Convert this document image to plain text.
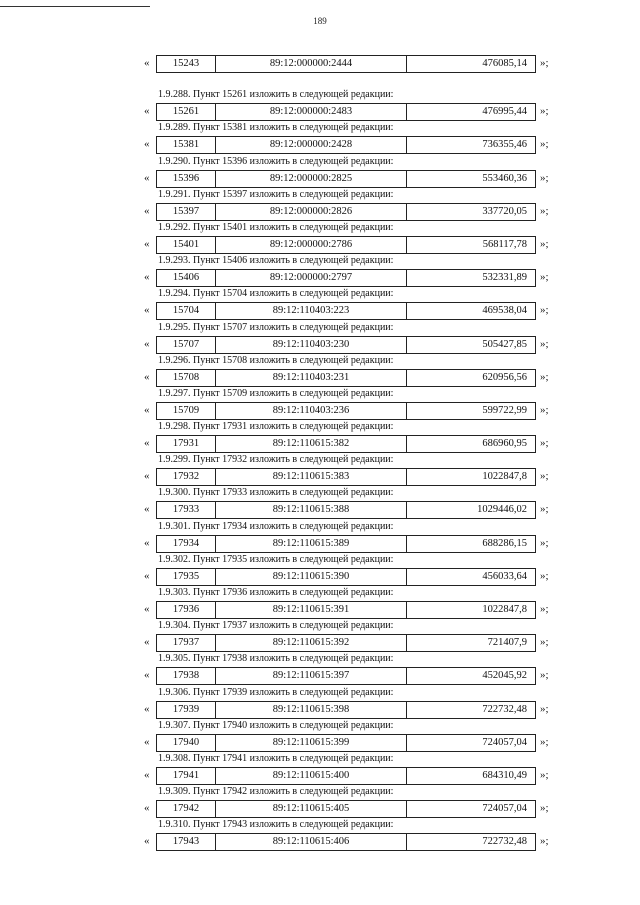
189
«	15243	89:12:000000:2444	476085,14	»;
1.9.288. Пункт 15261 изложить в следующей редакции:
«	15261	89:12:000000:2483	476995,44	»;
1.9.289. Пункт 15381 изложить в следующей редакции:
«	15381	89:12:000000:2428	736355,46	»;
1.9.290. Пункт 15396 изложить в следующей редакции:
«	15396	89:12:000000:2825	553460,36	»;
1.9.291. Пункт 15397 изложить в следующей редакции:
«	15397	89:12:000000:2826	337720,05	»;
1.9.292. Пункт 15401 изложить в следующей редакции:
«	15401	89:12:000000:2786	568117,78	»;
1.9.293. Пункт 15406 изложить в следующей редакции:
«	15406	89:12:000000:2797	532331,89	»;
1.9.294. Пункт 15704 изложить в следующей редакции:
«	15704	89:12:110403:223	469538,04	»;
1.9.295. Пункт 15707 изложить в следующей редакции:
«	15707	89:12:110403:230	505427,85	»;
1.9.296. Пункт 15708 изложить в следующей редакции:
«	15708	89:12:110403:231	620956,56	»;
1.9.297. Пункт 15709 изложить в следующей редакции:
«	15709	89:12:110403:236	599722,99	»;
1.9.298. Пункт 17931 изложить в следующей редакции:
«	17931	89:12:110615:382	686960,95	»;
1.9.299. Пункт 17932 изложить в следующей редакции:
«	17932	89:12:110615:383	1022847,8	»;
1.9.300. Пункт 17933 изложить в следующей редакции:
«	17933	89:12:110615:388	1029446,02	»;
1.9.301. Пункт 17934 изложить в следующей редакции:
«	17934	89:12:110615:389	688286,15	»;
1.9.302. Пункт 17935 изложить в следующей редакции:
«	17935	89:12:110615:390	456033,64	»;
1.9.303. Пункт 17936 изложить в следующей редакции:
«	17936	89:12:110615:391	1022847,8	»;
1.9.304. Пункт 17937 изложить в следующей редакции:
«	17937	89:12:110615:392	721407,9	»;
1.9.305. Пункт 17938 изложить в следующей редакции:
«	17938	89:12:110615:397	452045,92	»;
1.9.306. Пункт 17939 изложить в следующей редакции:
«	17939	89:12:110615:398	722732,48	»;
1.9.307. Пункт 17940 изложить в следующей редакции:
«	17940	89:12:110615:399	724057,04	»;
1.9.308. Пункт 17941 изложить в следующей редакции:
«	17941	89:12:110615:400	684310,49	»;
1.9.309. Пункт 17942 изложить в следующей редакции:
«	17942	89:12:110615:405	724057,04	»;
1.9.310. Пункт 17943 изложить в следующей редакции:
«	17943	89:12:110615:406	722732,48	»;
